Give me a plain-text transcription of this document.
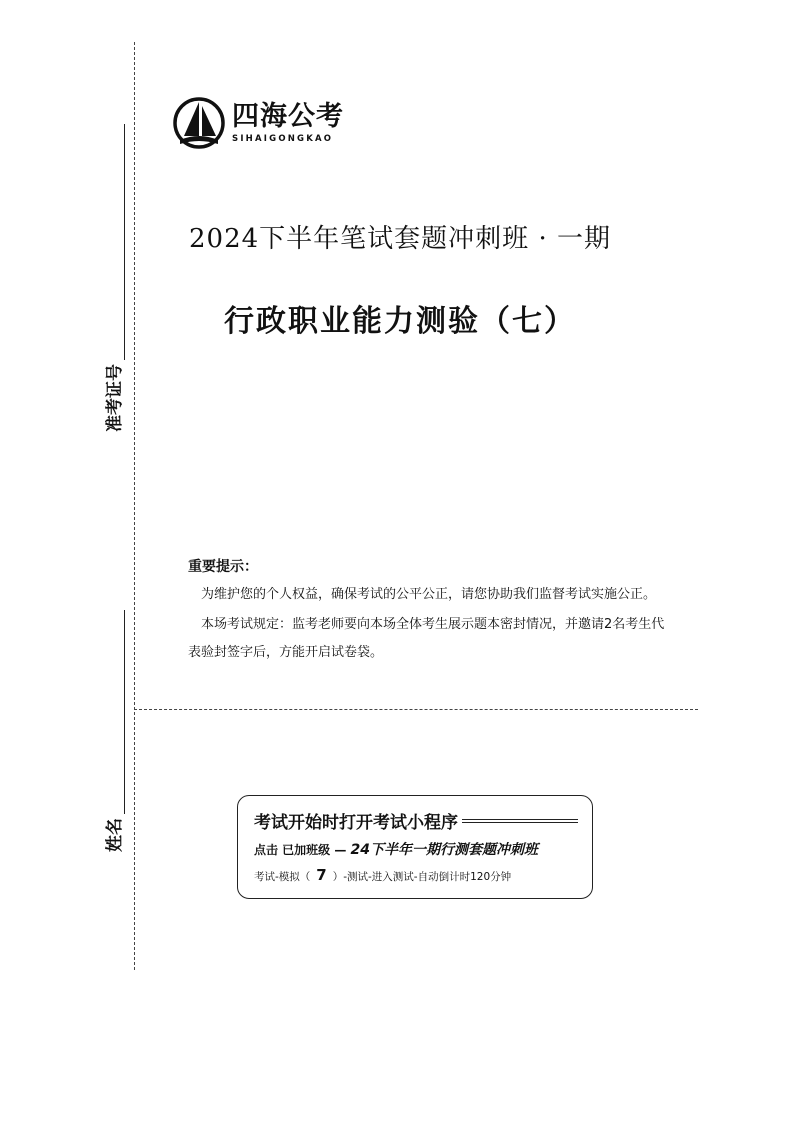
准考证号
姓名
四海公考
SIHAIGONGKAO
2024下半年笔试套题冲刺班 · 一期
行政职业能力测验（七）
重要提示：
为维护您的个人权益，确保考试的公平公正，请您协助我们监督考试实施公正。
本场考试规定：监考老师要向本场全体考生展示题本密封情况，并邀请2名考生代表验封签字后，方能开启试卷袋。
考试开始时打开考试小程序
点击 已加班级 — 24下半年一期行测套题冲刺班
考试-模拟（ 7 ）-测试-进入测试-自动倒计时120分钟
